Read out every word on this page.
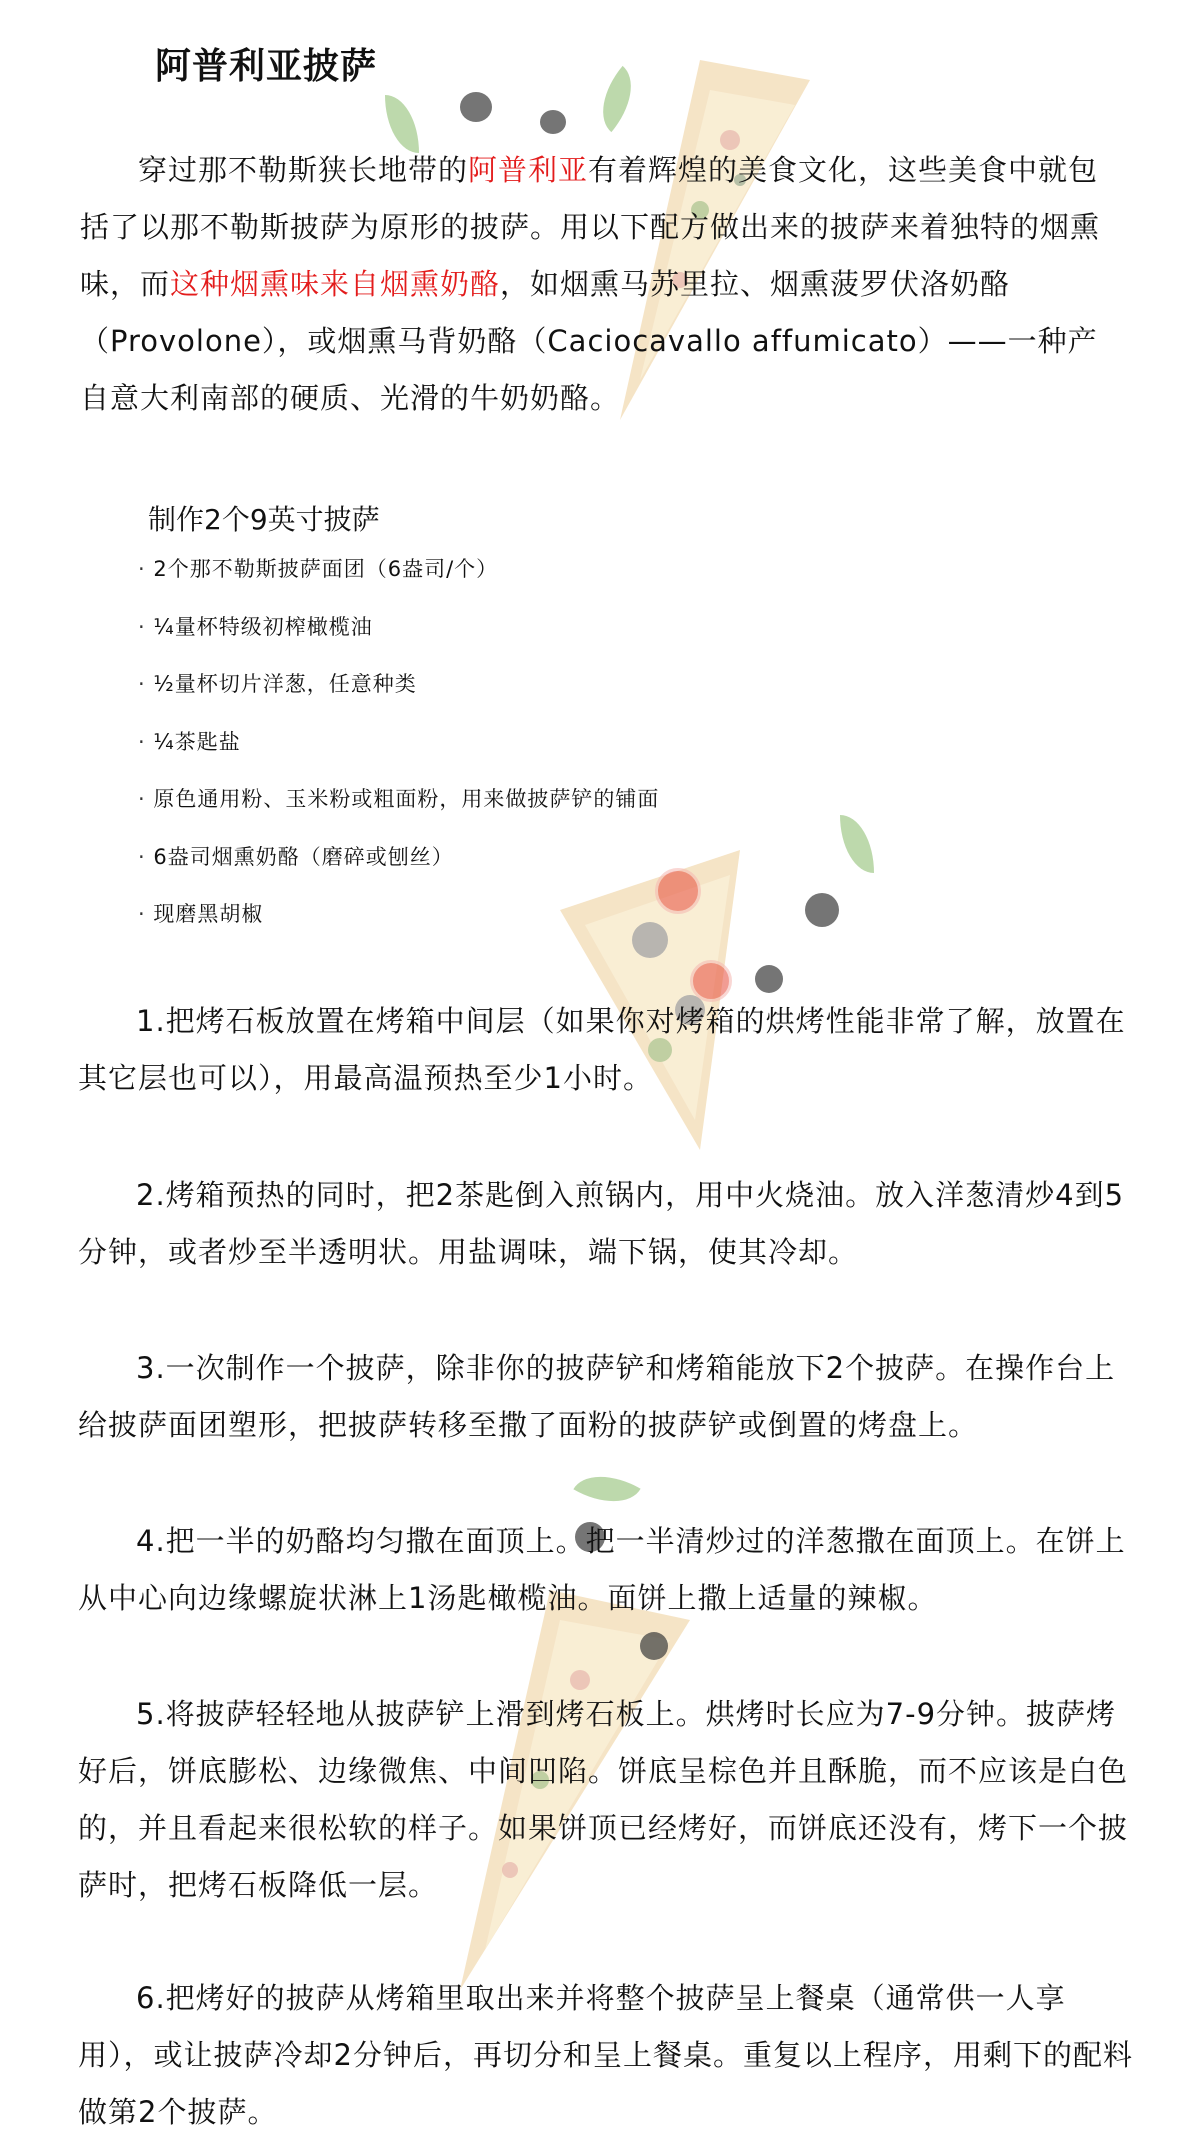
阿普利亚披萨

穿过那不勒斯狭长地带的阿普利亚有着辉煌的美食文化，这些美食中就包括了以那不勒斯披萨为原形的披萨。用以下配方做出来的披萨来着独特的烟熏味，而这种烟熏味来自烟熏奶酪，如烟熏马苏里拉、烟熏菠罗伏洛奶酪（Provolone），或烟熏马背奶酪（Caciocavallo affumicato）——一种产自意大利南部的硬质、光滑的牛奶奶酪。

制作2个9英寸披萨

· 2个那不勒斯披萨面团（6盎司/个）
· ¼量杯特级初榨橄榄油
· ½量杯切片洋葱，任意种类
· ¼茶匙盐
· 原色通用粉、玉米粉或粗面粉，用来做披萨铲的铺面
· 6盎司烟熏奶酪（磨碎或刨丝）
· 现磨黑胡椒

1.把烤石板放置在烤箱中间层（如果你对烤箱的烘烤性能非常了解，放置在其它层也可以），用最高温预热至少1小时。

2.烤箱预热的同时，把2茶匙倒入煎锅内，用中火烧油。放入洋葱清炒4到5分钟，或者炒至半透明状。用盐调味，端下锅，使其冷却。

3.一次制作一个披萨，除非你的披萨铲和烤箱能放下2个披萨。在操作台上给披萨面团塑形，把披萨转移至撒了面粉的披萨铲或倒置的烤盘上。

4.把一半的奶酪均匀撒在面顶上。把一半清炒过的洋葱撒在面顶上。在饼上从中心向边缘螺旋状淋上1汤匙橄榄油。面饼上撒上适量的辣椒。

5.将披萨轻轻地从披萨铲上滑到烤石板上。烘烤时长应为7-9分钟。披萨烤好后，饼底膨松、边缘微焦、中间凹陷。饼底呈棕色并且酥脆，而不应该是白色的，并且看起来很松软的样子。如果饼顶已经烤好，而饼底还没有，烤下一个披萨时，把烤石板降低一层。

6.把烤好的披萨从烤箱里取出来并将整个披萨呈上餐桌（通常供一人享用），或让披萨冷却2分钟后，再切分和呈上餐桌。重复以上程序，用剩下的配料做第2个披萨。
